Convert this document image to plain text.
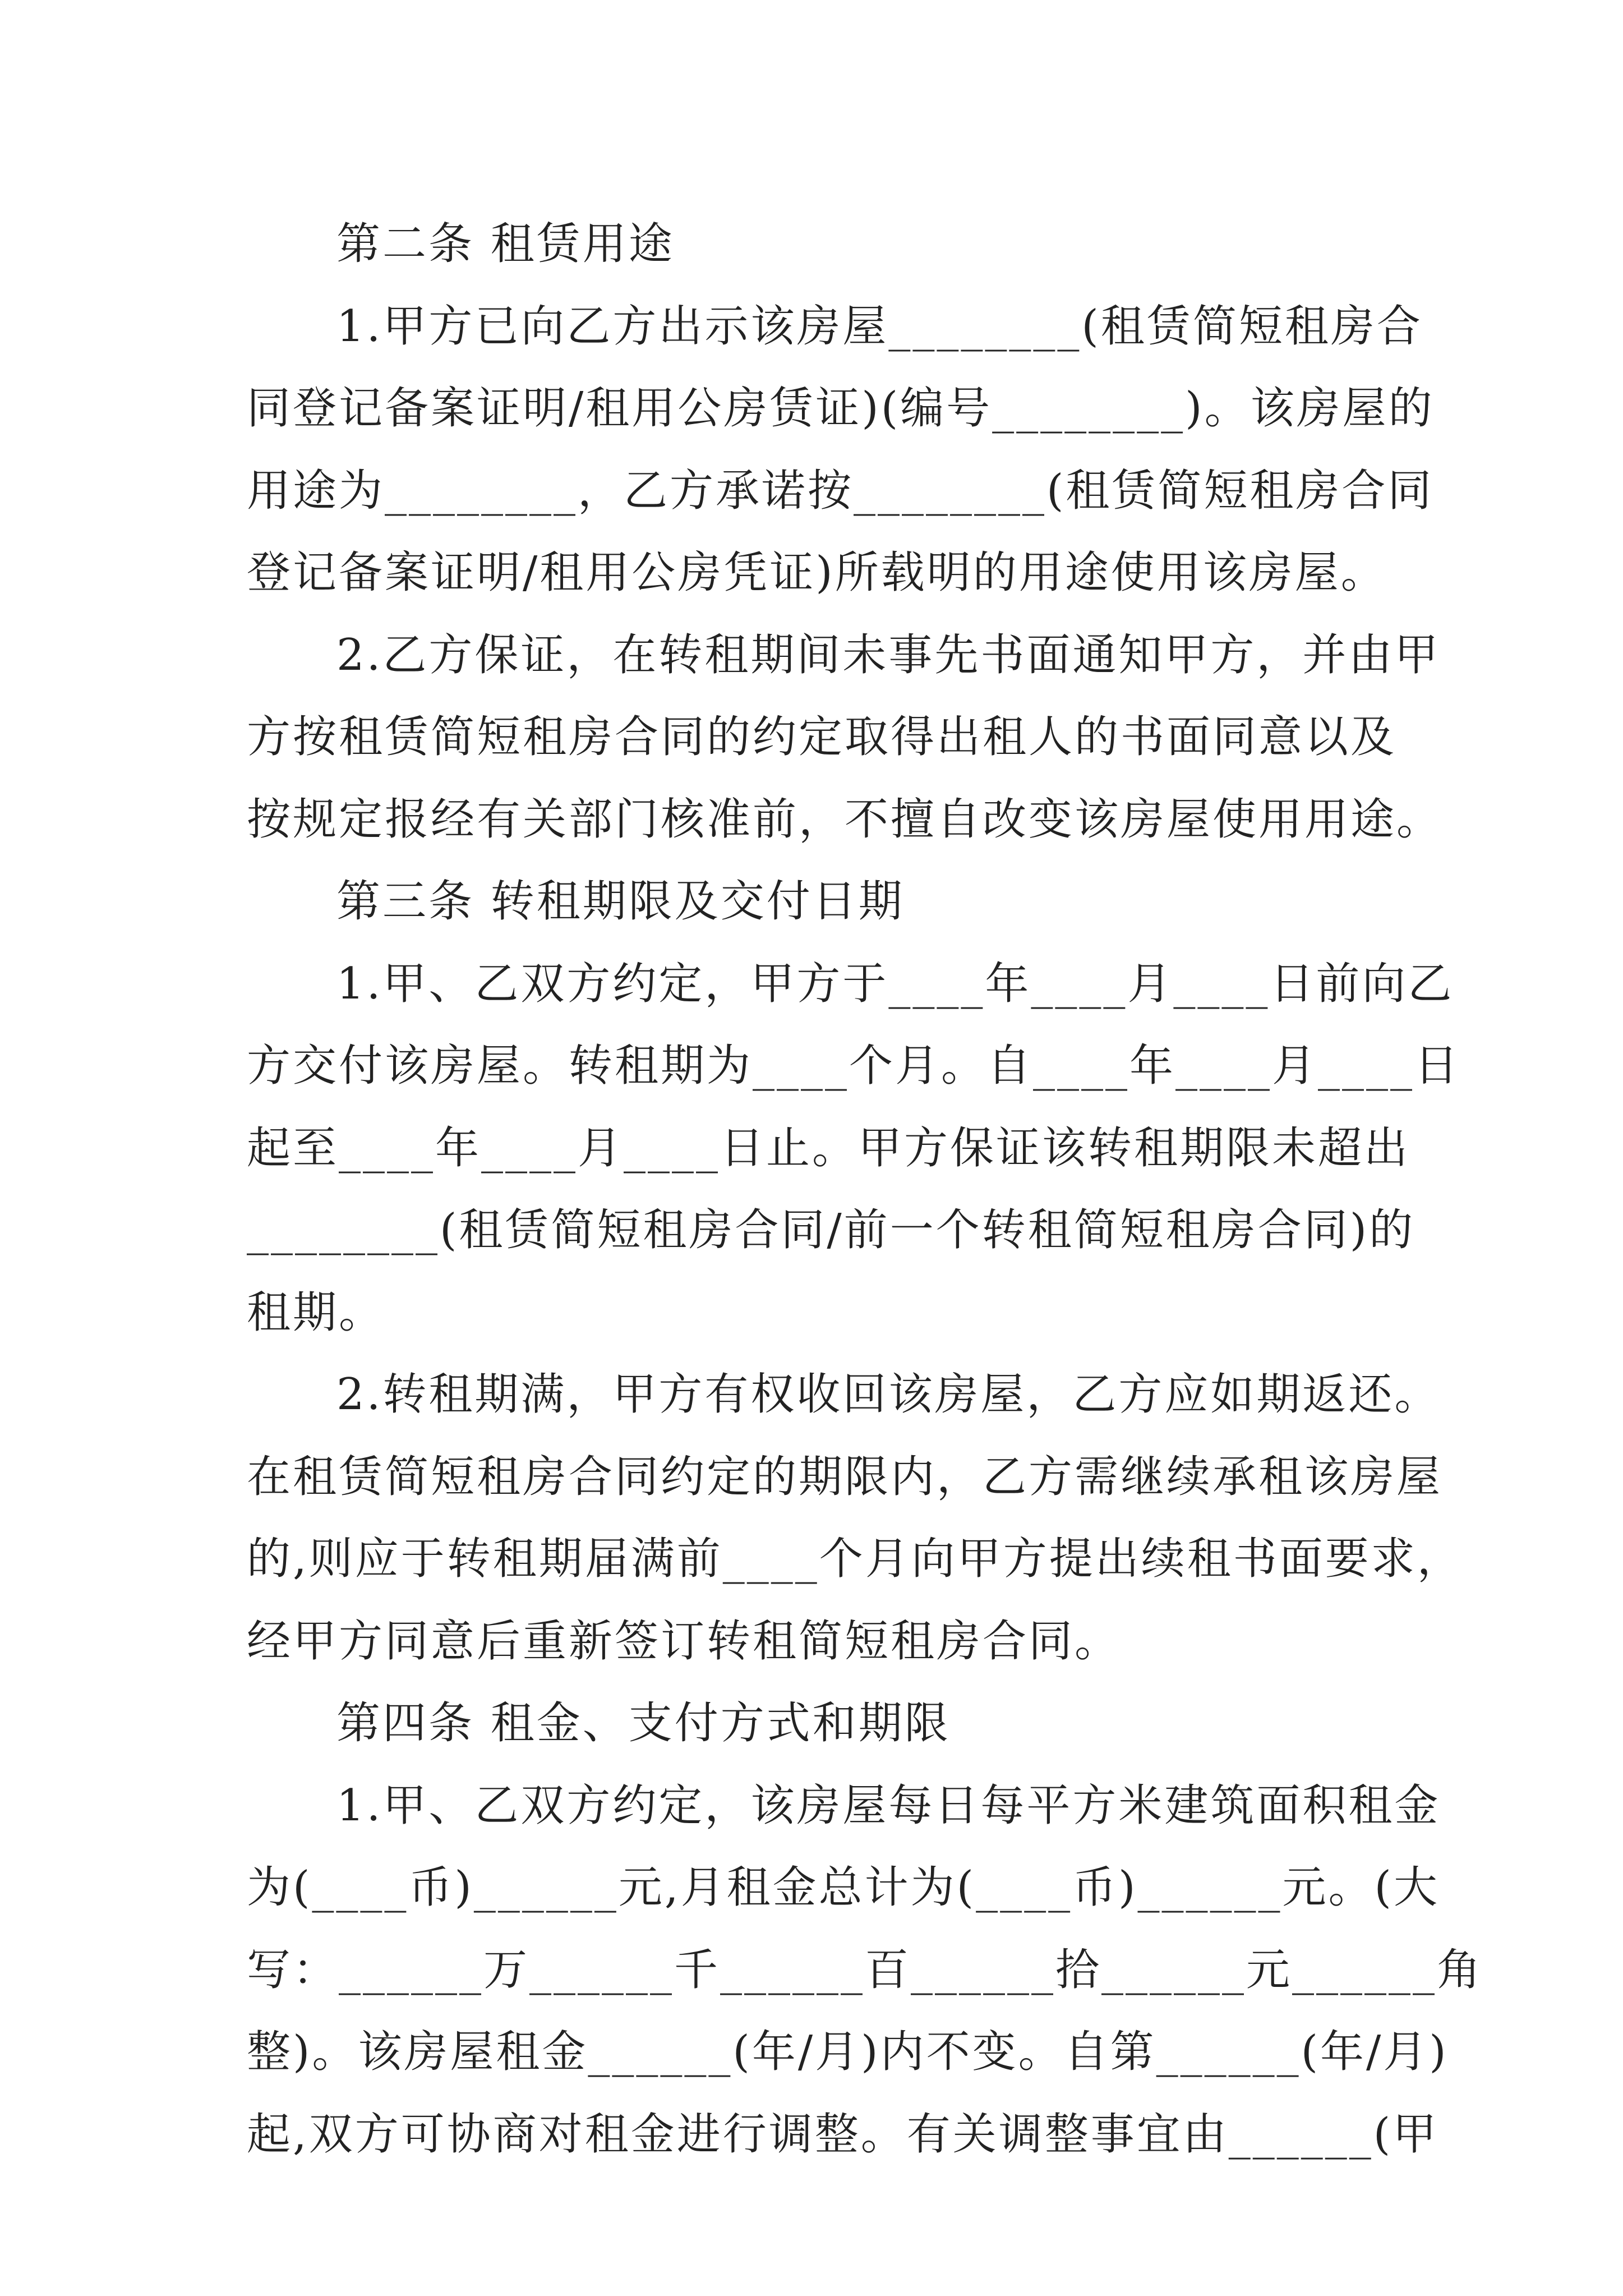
第二条 租赁用途
1.甲方已向乙方出示该房屋________(租赁简短租房合
同登记备案证明/租用公房赁证)(编号________)。该房屋的
用途为________，乙方承诺按________(租赁简短租房合同
登记备案证明/租用公房凭证)所载明的用途使用该房屋。
2.乙方保证，在转租期间未事先书面通知甲方，并由甲
方按租赁简短租房合同的约定取得出租人的书面同意以及
按规定报经有关部门核准前，不擅自改变该房屋使用用途。
第三条 转租期限及交付日期
1.甲、乙双方约定，甲方于____年____月____日前向乙
方交付该房屋。转租期为____个月。自____年____月____日
起至____年____月____日止。甲方保证该转租期限未超出
________(租赁简短租房合同/前一个转租简短租房合同)的
租期。
2.转租期满，甲方有权收回该房屋，乙方应如期返还。
在租赁简短租房合同约定的期限内，乙方需继续承租该房屋
的,则应于转租期届满前____个月向甲方提出续租书面要求，
经甲方同意后重新签订转租简短租房合同。
第四条 租金、支付方式和期限
1.甲、乙双方约定，该房屋每日每平方米建筑面积租金
为(____币)______元,月租金总计为(____币)______元。(大
写：______万______千______百______拾______元______角
整)。该房屋租金______(年/月)内不变。自第______(年/月)
起,双方可协商对租金进行调整。有关调整事宜由______(甲
